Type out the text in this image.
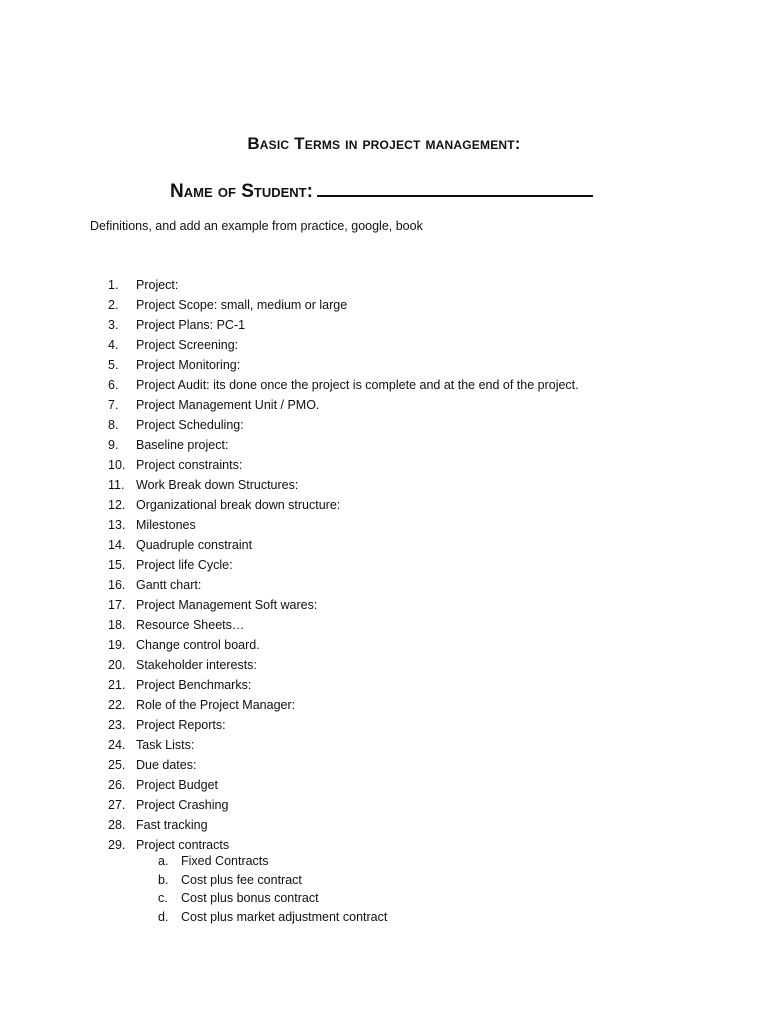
Basic Terms in project management:
Name of Student:
Definitions, and add an example from practice, google, book
1.	Project:
2.	Project Scope: small, medium or large
3.	Project Plans: PC-1
4.	Project Screening:
5.	Project Monitoring:
6.	Project Audit: its done once the project is complete and at the end of the project.
7.	Project Management Unit / PMO.
8.	Project Scheduling:
9.	Baseline project:
10. Project constraints:
11. Work Break down Structures:
12. Organizational break down structure:
13. Milestones
14. Quadruple constraint
15. Project life Cycle:
16. Gantt chart:
17. Project Management Soft wares:
18. Resource Sheets…
19. Change control board.
20. Stakeholder interests:
21. Project Benchmarks:
22. Role of the Project Manager:
23. Project Reports:
24. Task Lists:
25. Due dates:
26. Project Budget
27. Project Crashing
28. Fast tracking
29. Project contracts
a. Fixed Contracts
b. Cost plus fee contract
c. Cost plus bonus contract
d. Cost plus market adjustment contract
